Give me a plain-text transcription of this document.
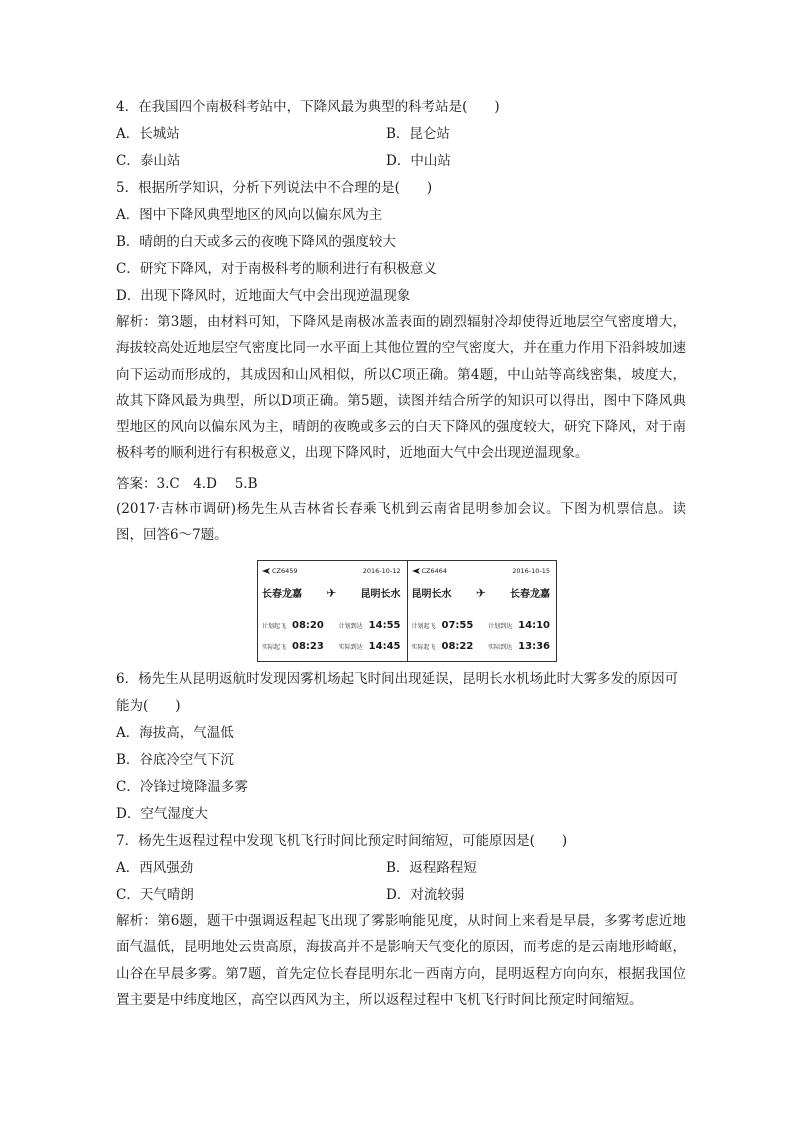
4．在我国四个南极科考站中，下降风最为典型的科考站是(　　)
A．长城站	B．昆仑站
C．泰山站	D．中山站
5．根据所学知识，分析下列说法中不合理的是(　　)
A．图中下降风典型地区的风向以偏东风为主
B．晴朗的白天或多云的夜晚下降风的强度较大
C．研究下降风，对于南极科考的顺利进行有积极意义
D．出现下降风时，近地面大气中会出现逆温现象
解析：第3题，由材料可知，下降风是南极冰盖表面的剧烈辐射冷却使得近地层空气密度增大，海拔较高处近地层空气密度比同一水平面上其他位置的空气密度大，并在重力作用下沿斜坡加速向下运动而形成的，其成因和山风相似，所以C项正确。第4题，中山站等高线密集，坡度大，故其下降风最为典型，所以D项正确。第5题，读图并结合所学的知识可以得出，图中下降风典型地区的风向以偏东风为主，晴朗的夜晚或多云的白天下降风的强度较大，研究下降风，对于南极科考的顺利进行有积极意义，出现下降风时，近地面大气中会出现逆温现象。
答案：3.C　4.D　 5.B
(2017·吉林市调研)杨先生从吉林省长春乘飞机到云南省昆明参加会议。下图为机票信息。读图，回答6～7题。
CZ6459	2016-10-12
长春龙嘉 ✈ 昆明长水
计划起飞 08:20 计划到达 14:55
实际起飞 08:23 实际到达 14:45
CZ6464	2016-10-15
昆明长水 ✈ 长春龙嘉
计划起飞 07:55 计划到达 14:10
实际起飞 08:22 实际到达 13:36
6．杨先生从昆明返航时发现因雾机场起飞时间出现延误，昆明长水机场此时大雾多发的原因可
能为(　　)
A．海拔高，气温低
B．谷底冷空气下沉
C．冷锋过境降温多雾
D．空气湿度大
7．杨先生返程过程中发现飞机飞行时间比预定时间缩短，可能原因是(　　)
A．西风强劲	B．返程路程短
C．天气晴朗	D．对流较弱
解析：第6题，题干中强调返程起飞出现了雾影响能见度，从时间上来看是早晨，多雾考虑近地面气温低，昆明地处云贵高原，海拔高并不是影响天气变化的原因，而考虑的是云南地形崎岖，山谷在早晨多雾。第7题，首先定位长春昆明东北－西南方向，昆明返程方向向东，根据我国位置主要是中纬度地区，高空以西风为主，所以返程过程中飞机飞行时间比预定时间缩短。
